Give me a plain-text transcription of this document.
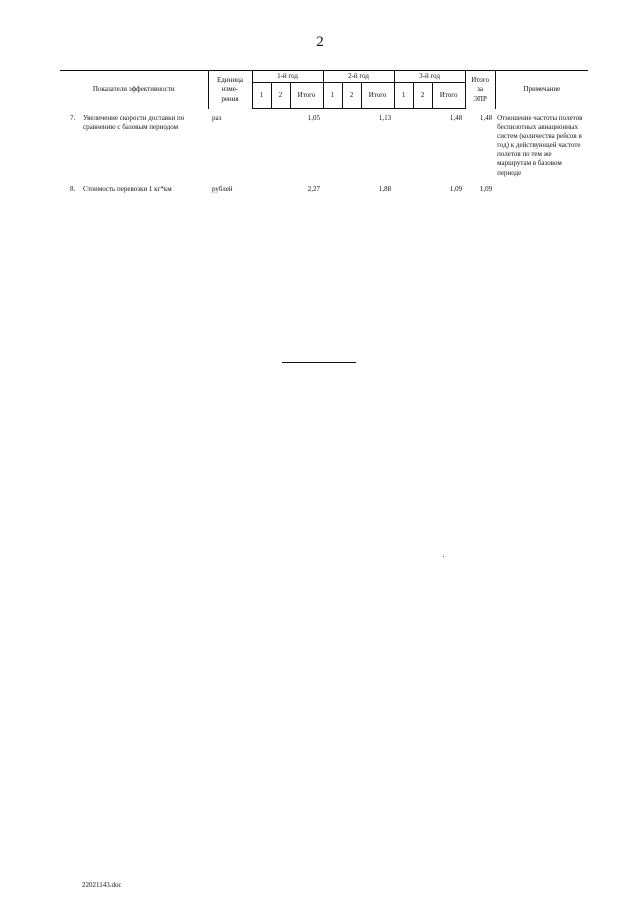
2
Показатели эффективности		Единица
изме-
рения	1-й год			2-й год			3-й год			Итого
за
ЭПР	Примечание
			1	2	Итого	1	2	Итого	1	2	Итого		
7.	Увеличение скорости доставки по сравнению с базовым периодом	раз			1,05			1,13			1,48	1,48	Отношение частоты полетов беспилотных авиационных систем (количества рейсов в год) к действующей частоте полетов по тем же маршрутам в базовом периоде
8.	Стоимость перевозки 1 кг*км	рублей			2,27			1,88			1,09	1,09	
22021143.doc
